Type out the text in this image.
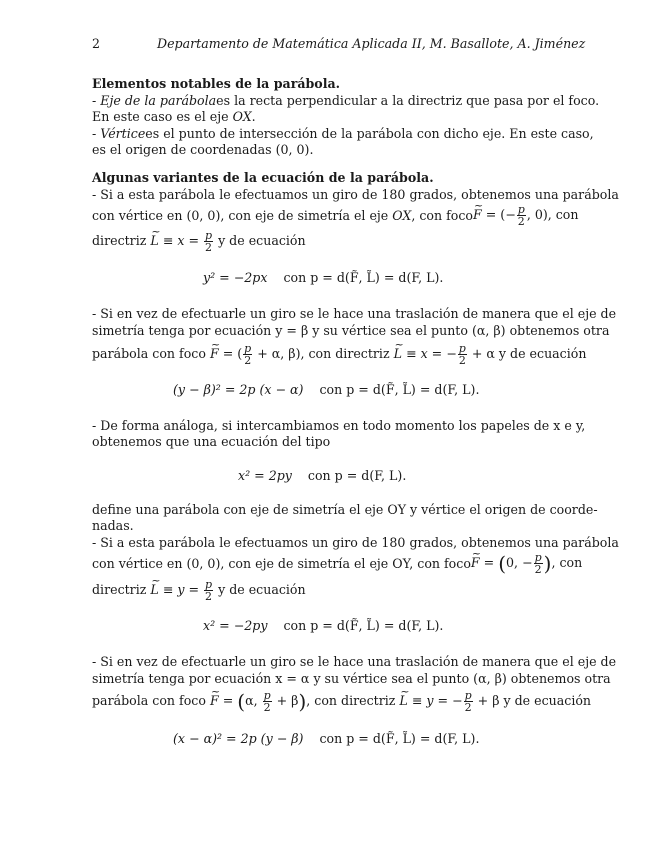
2	Departamento de Matemática Aplicada II, M. Basallote, A. Jiménez
Elementos notables de la parábola.
- Eje de la parábola es la recta perpendicular a la directriz que pasa por el foco.
En este caso es el eje OX.
- Vértice es el punto de intersección de la parábola con dicho eje. En este caso,
es el origen de coordenadas (0, 0).
Algunas variantes de la ecuación de la parábola.
- Si a esta parábola le efectuamos un giro de 180 grados, obtenemos una parábola
con vértice en (0, 0), con eje de simetría el eje OX, con foco ~ F = (− $\frac{p}{2}$ , 0), con
directriz ~ $L \equiv x = \frac{p}{2}$ y de ecuación
y² = −2px con p = d(F̃, L̃) = d(F, L).
- Si en vez de efectuarle un giro se le hace una traslación de manera que el eje de
simetría tenga por ecuación y = β y su vértice sea el punto (α, β) obtenemos otra
parábola con foco ~ F = ( $\frac{p}{2} + \alpha$, β), con directriz ~ L ≡ x = − $\frac{p}{2} + \alpha$ y de ecuación
(y − β)² = 2p (x − α) con p = d(F̃, L̃) = d(F, L).
- De forma análoga, si intercambiamos en todo momento los papeles de x e y,
obtenemos que una ecuación del tipo
x² = 2py con p = d(F, L).
define una parábola con eje de simetría el eje OY y vértice el origen de coorde-
nadas.
- Si a esta parábola le efectuamos un giro de 180 grados, obtenemos una parábola
con vértice en (0, 0), con eje de simetría el eje OY, con foco ~ F = (0, − $\frac{p}{2}$ ), con
directriz ~ $L \equiv y = \frac{p}{2}$ y de ecuación
x² = −2py con p = d(F̃, L̃) = d(F, L).
- Si en vez de efectuarle un giro se le hace una traslación de manera que el eje de
simetría tenga por ecuación x = α y su vértice sea el punto (α, β) obtenemos otra
parábola con foco ~ F = (α, $\frac{p}{2} + \beta$), con directriz ~ L ≡ y = − $\frac{p}{2} + \beta$ y de ecuación
(x − α)² = 2p (y − β) con p = d(F̃, L̃) = d(F, L).
